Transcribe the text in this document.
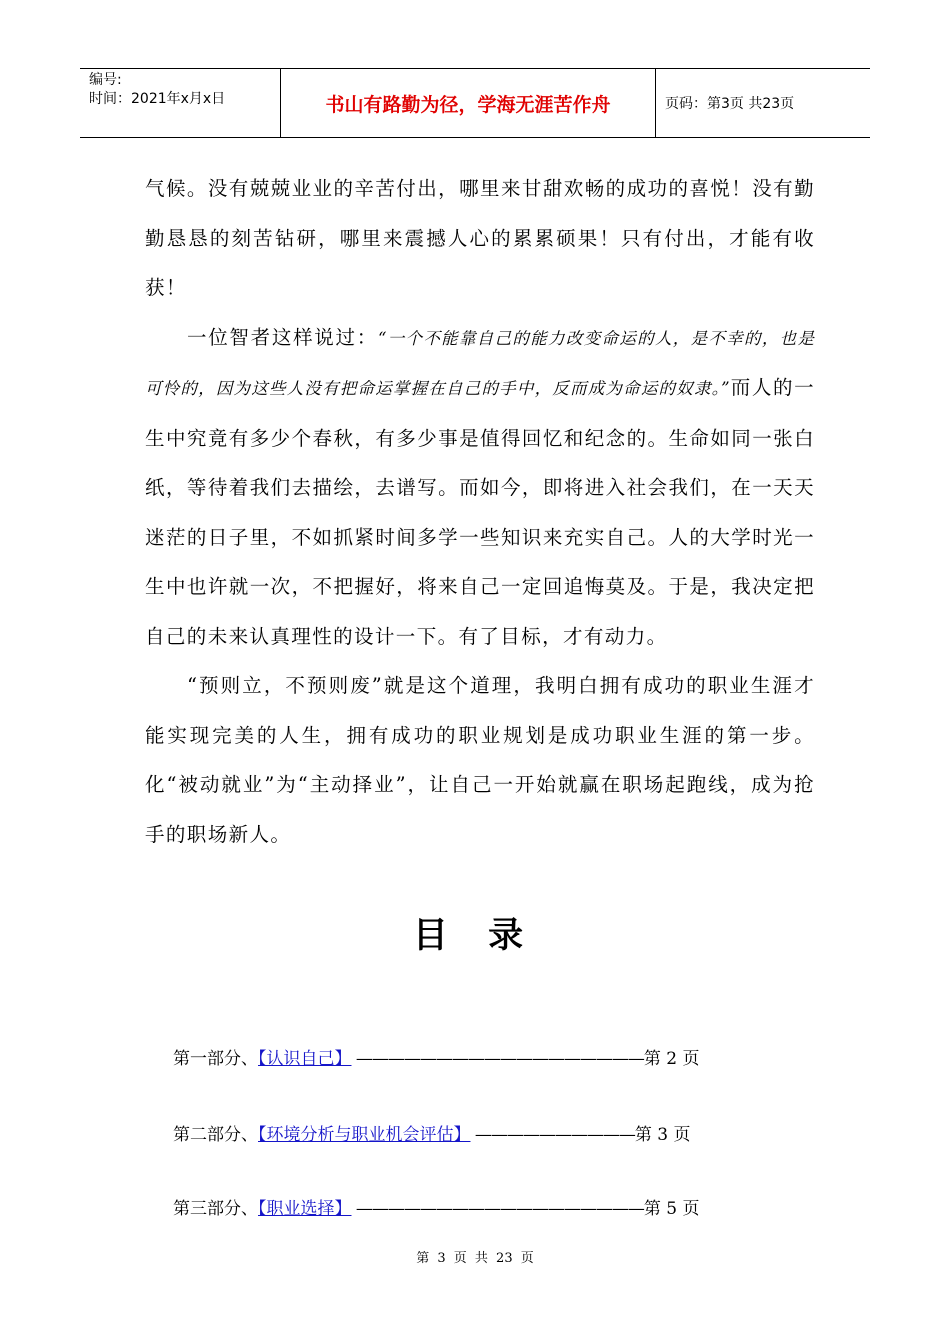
编号:
时间：2021年x月x日	书山有路勤为径，学海无涯苦作舟	页码：第3页 共23页

气候。没有兢兢业业的辛苦付出，哪里来甘甜欢畅的成功的喜悦！没有勤勤恳恳的刻苦钻研，哪里来震撼人心的累累硕果！只有付出，才能有收获！

一位智者这样说过：“一个不能靠自己的能力改变命运的人，是不幸的，也是可怜的，因为这些人没有把命运掌握在自己的手中，反而成为命运的奴隶。”而人的一生中究竟有多少个春秋，有多少事是值得回忆和纪念的。生命如同一张白纸，等待着我们去描绘，去谱写。而如今，即将进入社会我们，在一天天迷茫的日子里，不如抓紧时间多学一些知识来充实自己。人的大学时光一生中也许就一次，不把握好，将来自己一定回追悔莫及。于是，我决定把自己的未来认真理性的设计一下。有了目标，才有动力。

“预则立，不预则废”就是这个道理，我明白拥有成功的职业生涯才能实现完美的人生，拥有成功的职业规划是成功职业生涯的第一步。化“被动就业”为“主动择业”，让自己一开始就赢在职场起跑线，成为抢手的职场新人。

目 录
第一部分、【认识自己】 ——————————————————第 2 页
第二部分、【环境分析与职业机会评估】 ——————————第 3 页
第三部分、【职业选择】 ——————————————————第 5 页
第 3 页 共 23 页
